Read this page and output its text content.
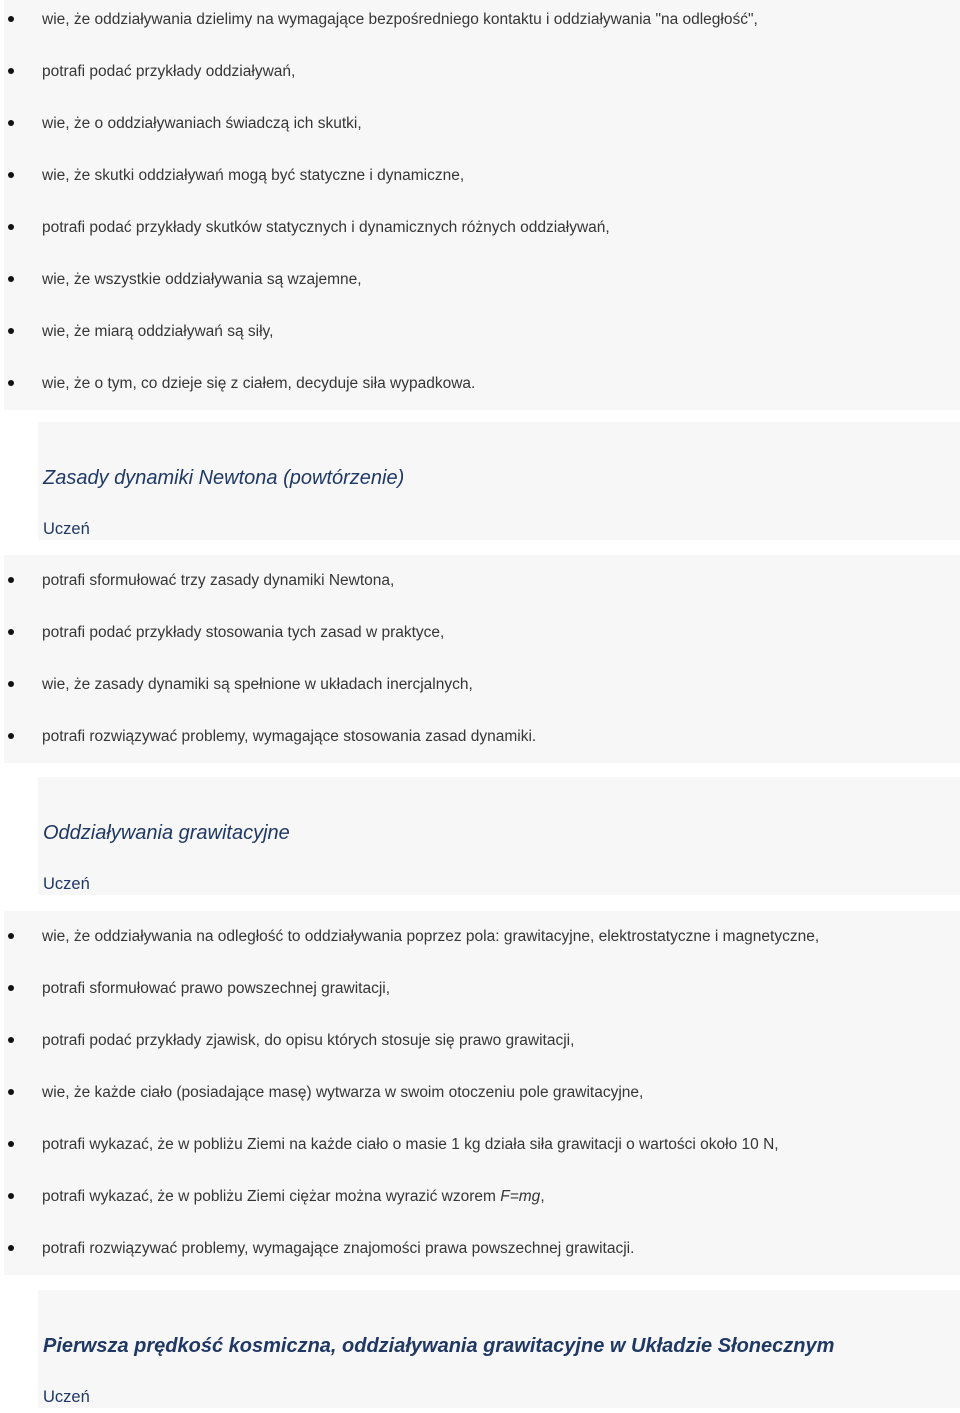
wie, że oddziaływania dzielimy na wymagające bezpośredniego kontaktu i oddziaływania "na odległość",
potrafi podać przykłady oddziaływań,
wie, że o oddziaływaniach świadczą ich skutki,
wie, że skutki oddziaływań mogą być statyczne i dynamiczne,
potrafi podać przykłady skutków statycznych i dynamicznych różnych oddziaływań,
wie, że wszystkie oddziaływania są wzajemne,
wie, że miarą oddziaływań są siły,
wie, że o tym, co dzieje się z ciałem, decyduje siła wypadkowa.
Zasady dynamiki Newtona (powtórzenie)

Uczeń

potrafi sformułować trzy zasady dynamiki Newtona,
potrafi podać przykłady stosowania tych zasad w praktyce,
wie, że zasady dynamiki są spełnione w układach inercjalnych,
potrafi rozwiązywać problemy, wymagające stosowania zasad dynamiki.
Oddziaływania grawitacyjne

Uczeń

wie, że oddziaływania na odległość to oddziaływania poprzez pola: grawitacyjne, elektrostatyczne i magnetyczne,
potrafi sformułować prawo powszechnej grawitacji,
potrafi podać przykłady zjawisk, do opisu których stosuje się prawo grawitacji,
wie, że każde ciało (posiadające masę) wytwarza w swoim otoczeniu pole grawitacyjne,
potrafi wykazać, że w pobliżu Ziemi na każde ciało o masie 1 kg działa siła grawitacji o wartości około 10 N,
potrafi wykazać, że w pobliżu Ziemi ciężar można wyrazić wzorem F=mg,
potrafi rozwiązywać problemy, wymagające znajomości prawa powszechnej grawitacji.
Pierwsza prędkość kosmiczna, oddziaływania grawitacyjne w Układzie Słonecznym

Uczeń
